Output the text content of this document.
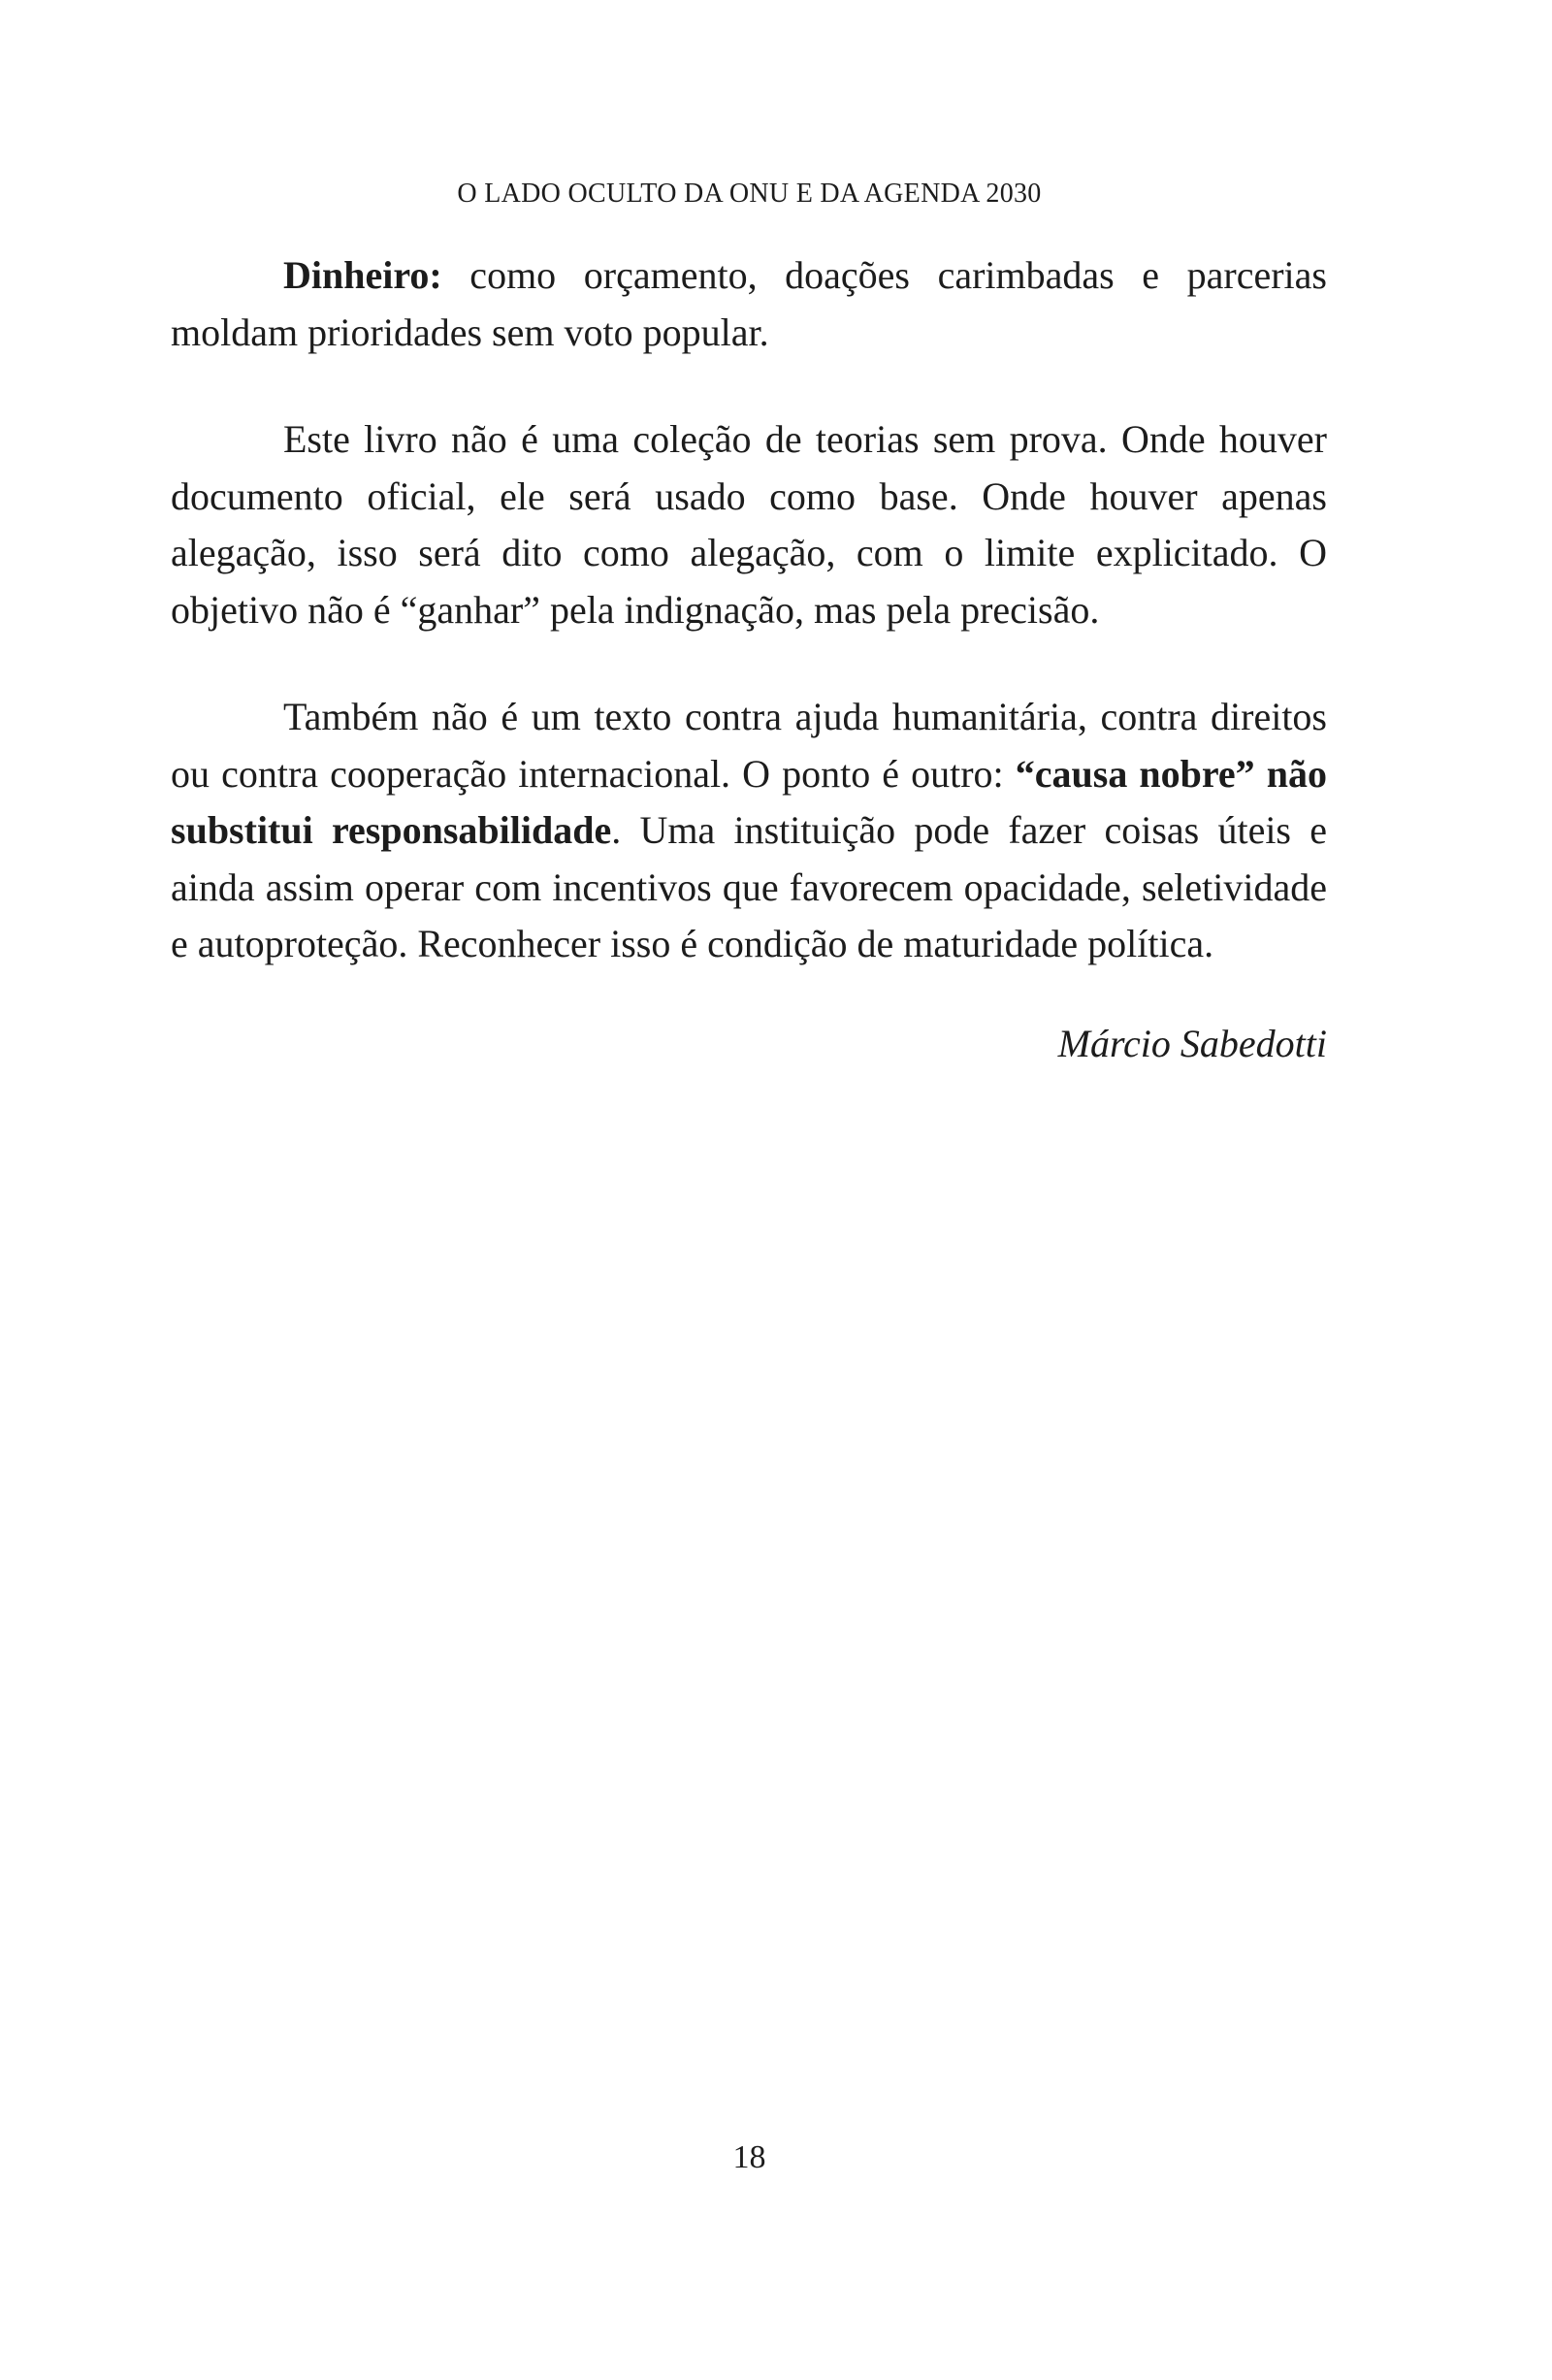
O LADO OCULTO DA ONU E DA AGENDA 2030

Dinheiro: como orçamento, doações carimbadas e parcerias moldam prioridades sem voto popular.

Este livro não é uma coleção de teorias sem prova. Onde houver documento oficial, ele será usado como base. Onde houver apenas alegação, isso será dito como alegação, com o limite explicitado. O objetivo não é “ganhar” pela indignação, mas pela precisão.

Também não é um texto contra ajuda humanitária, contra direitos ou contra cooperação internacional. O ponto é outro: “causa nobre” não substitui responsabilidade. Uma instituição pode fazer coisas úteis e ainda assim operar com incentivos que favorecem opacidade, seletividade e autoproteção. Reconhecer isso é condição de maturidade política.

Márcio Sabedotti
18
